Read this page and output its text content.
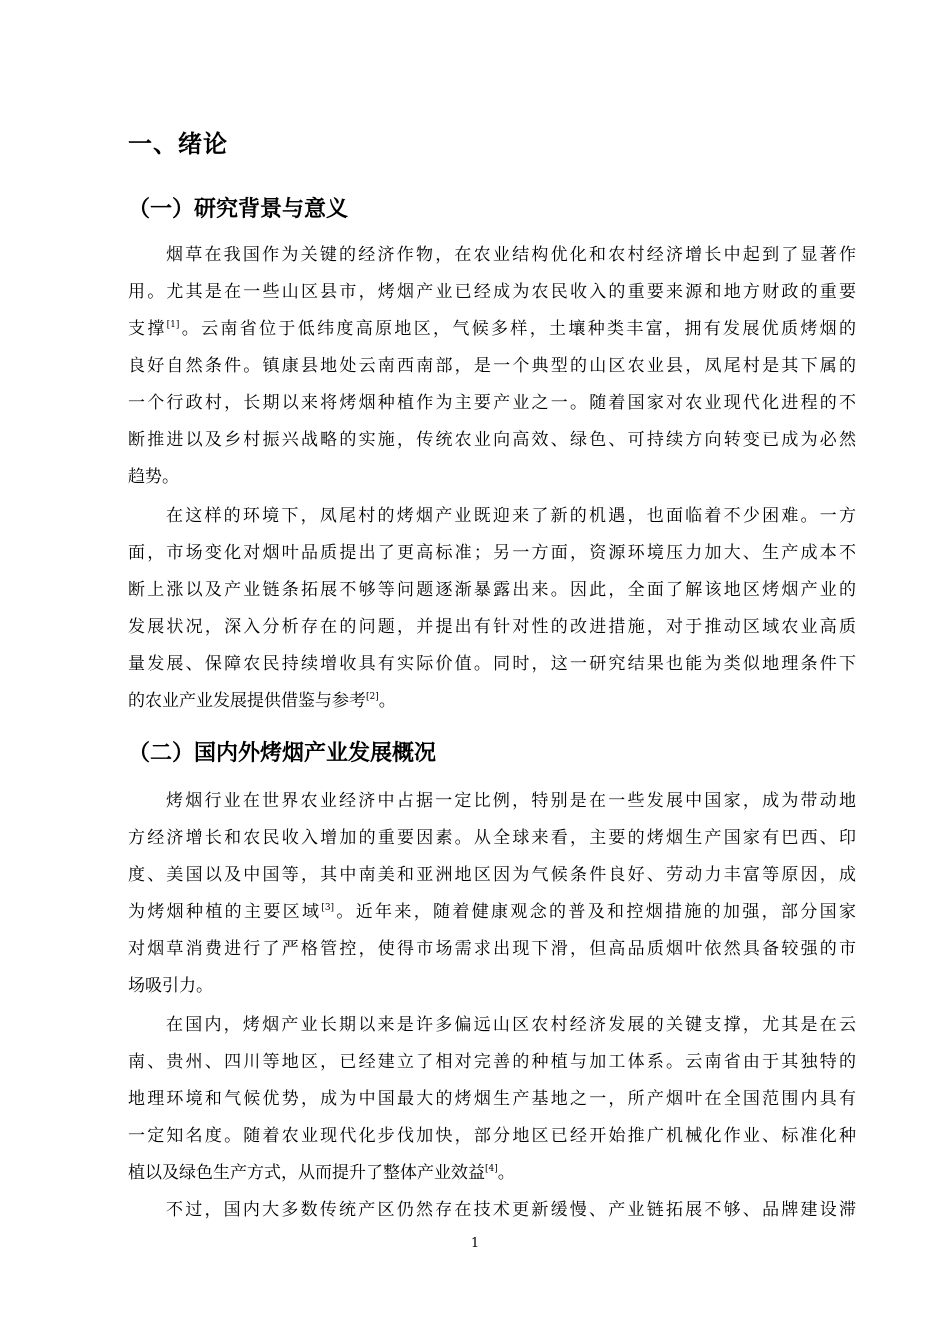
一、绪论
（一）研究背景与意义
烟草在我国作为关键的经济作物，在农业结构优化和农村经济增长中起到了显著作
用。尤其是在一些山区县市，烤烟产业已经成为农民收入的重要来源和地方财政的重要
支撑[1]。云南省位于低纬度高原地区，气候多样，土壤种类丰富，拥有发展优质烤烟的
良好自然条件。镇康县地处云南西南部，是一个典型的山区农业县，凤尾村是其下属的
一个行政村，长期以来将烤烟种植作为主要产业之一。随着国家对农业现代化进程的不
断推进以及乡村振兴战略的实施，传统农业向高效、绿色、可持续方向转变已成为必然
趋势。
在这样的环境下，凤尾村的烤烟产业既迎来了新的机遇，也面临着不少困难。一方
面，市场变化对烟叶品质提出了更高标准；另一方面，资源环境压力加大、生产成本不
断上涨以及产业链条拓展不够等问题逐渐暴露出来。因此，全面了解该地区烤烟产业的
发展状况，深入分析存在的问题，并提出有针对性的改进措施，对于推动区域农业高质
量发展、保障农民持续增收具有实际价值。同时，这一研究结果也能为类似地理条件下
的农业产业发展提供借鉴与参考[2]。
（二）国内外烤烟产业发展概况
烤烟行业在世界农业经济中占据一定比例，特别是在一些发展中国家，成为带动地
方经济增长和农民收入增加的重要因素。从全球来看，主要的烤烟生产国家有巴西、印
度、美国以及中国等，其中南美和亚洲地区因为气候条件良好、劳动力丰富等原因，成
为烤烟种植的主要区域[3]。近年来，随着健康观念的普及和控烟措施的加强，部分国家
对烟草消费进行了严格管控，使得市场需求出现下滑，但高品质烟叶依然具备较强的市
场吸引力。
在国内，烤烟产业长期以来是许多偏远山区农村经济发展的关键支撑，尤其是在云
南、贵州、四川等地区，已经建立了相对完善的种植与加工体系。云南省由于其独特的
地理环境和气候优势，成为中国最大的烤烟生产基地之一，所产烟叶在全国范围内具有
一定知名度。随着农业现代化步伐加快，部分地区已经开始推广机械化作业、标准化种
植以及绿色生产方式，从而提升了整体产业效益[4]。
不过，国内大多数传统产区仍然存在技术更新缓慢、产业链拓展不够、品牌建设滞
1
